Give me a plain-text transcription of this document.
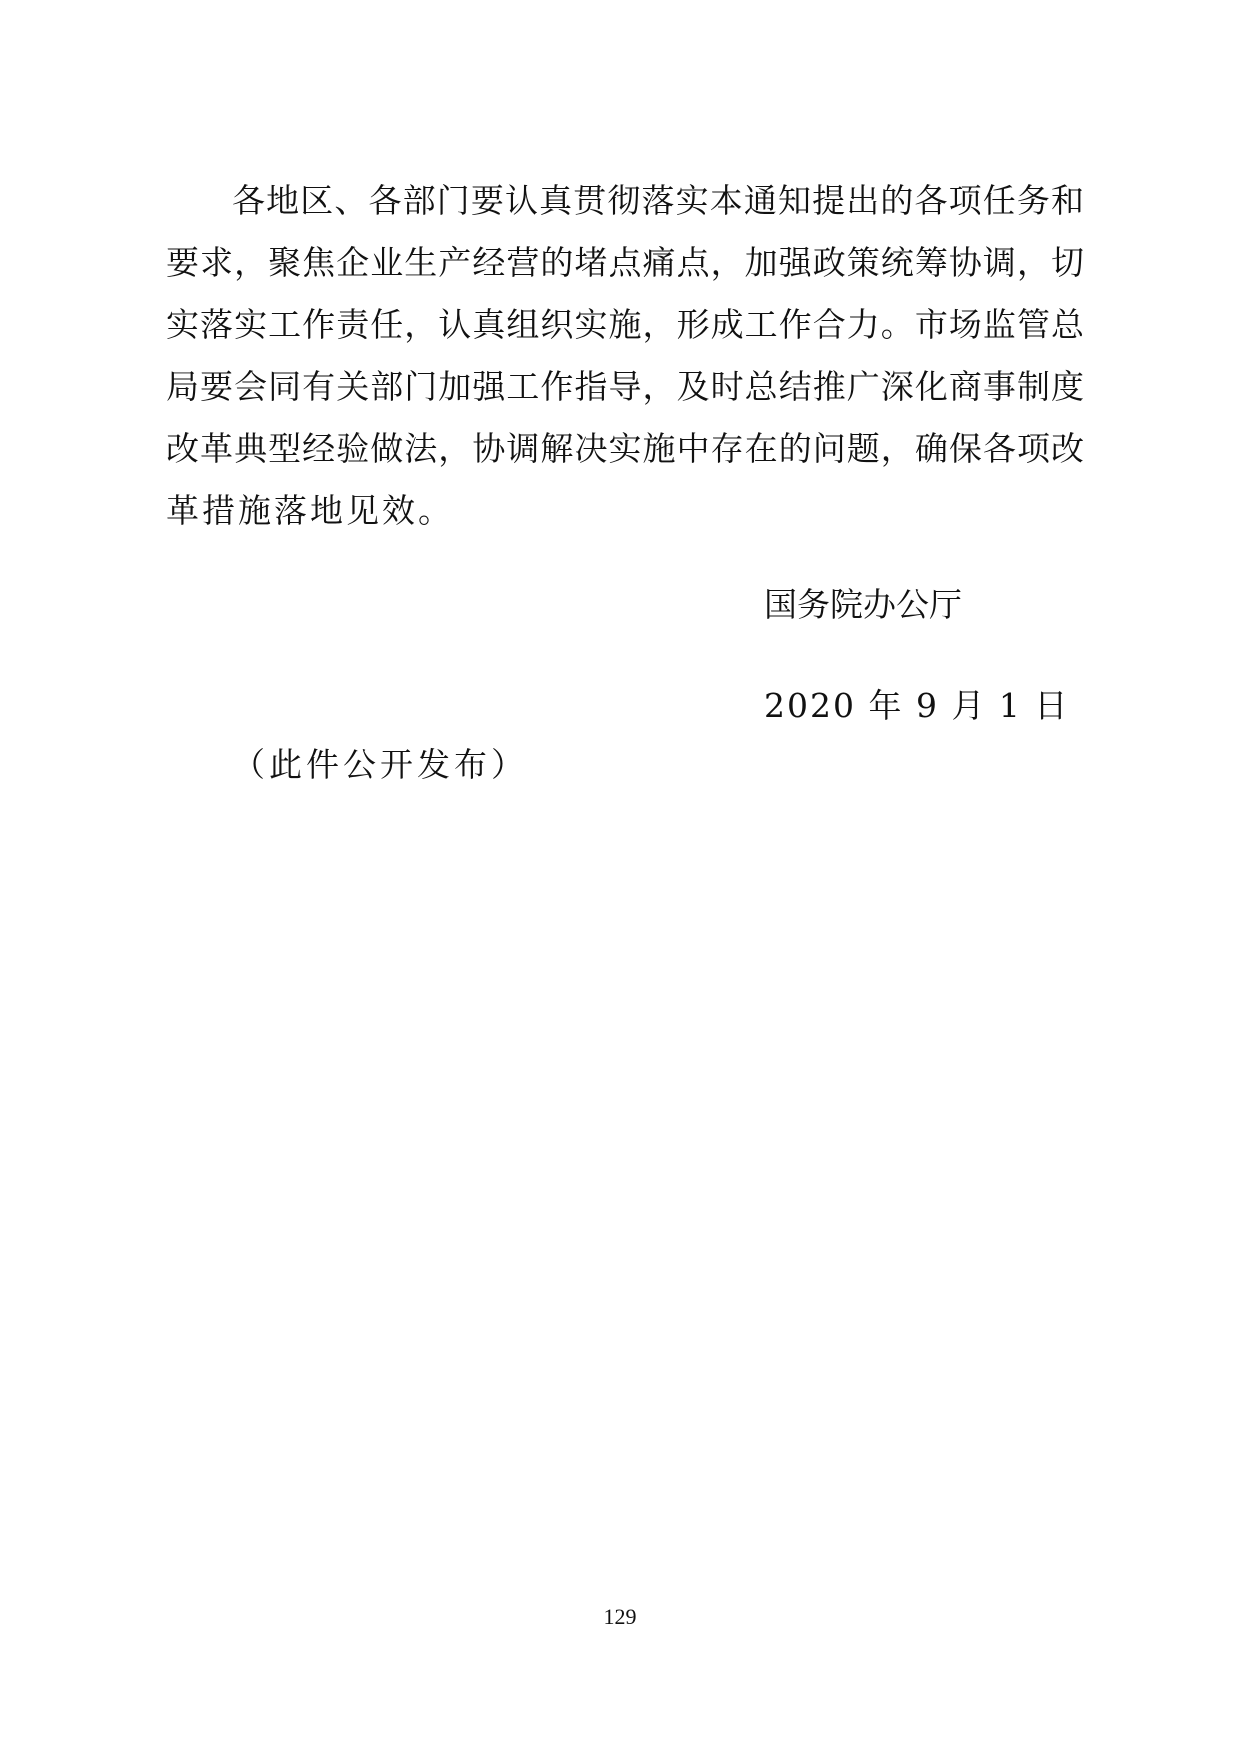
各地区、各部门要认真贯彻落实本通知提出的各项任务和
要求，聚焦企业生产经营的堵点痛点，加强政策统筹协调，切
实落实工作责任，认真组织实施，形成工作合力。市场监管总
局要会同有关部门加强工作指导，及时总结推广深化商事制度
改革典型经验做法，协调解决实施中存在的问题，确保各项改
革措施落地见效。
国务院办公厅
2020 年 9 月 1 日
（此件公开发布）
129
